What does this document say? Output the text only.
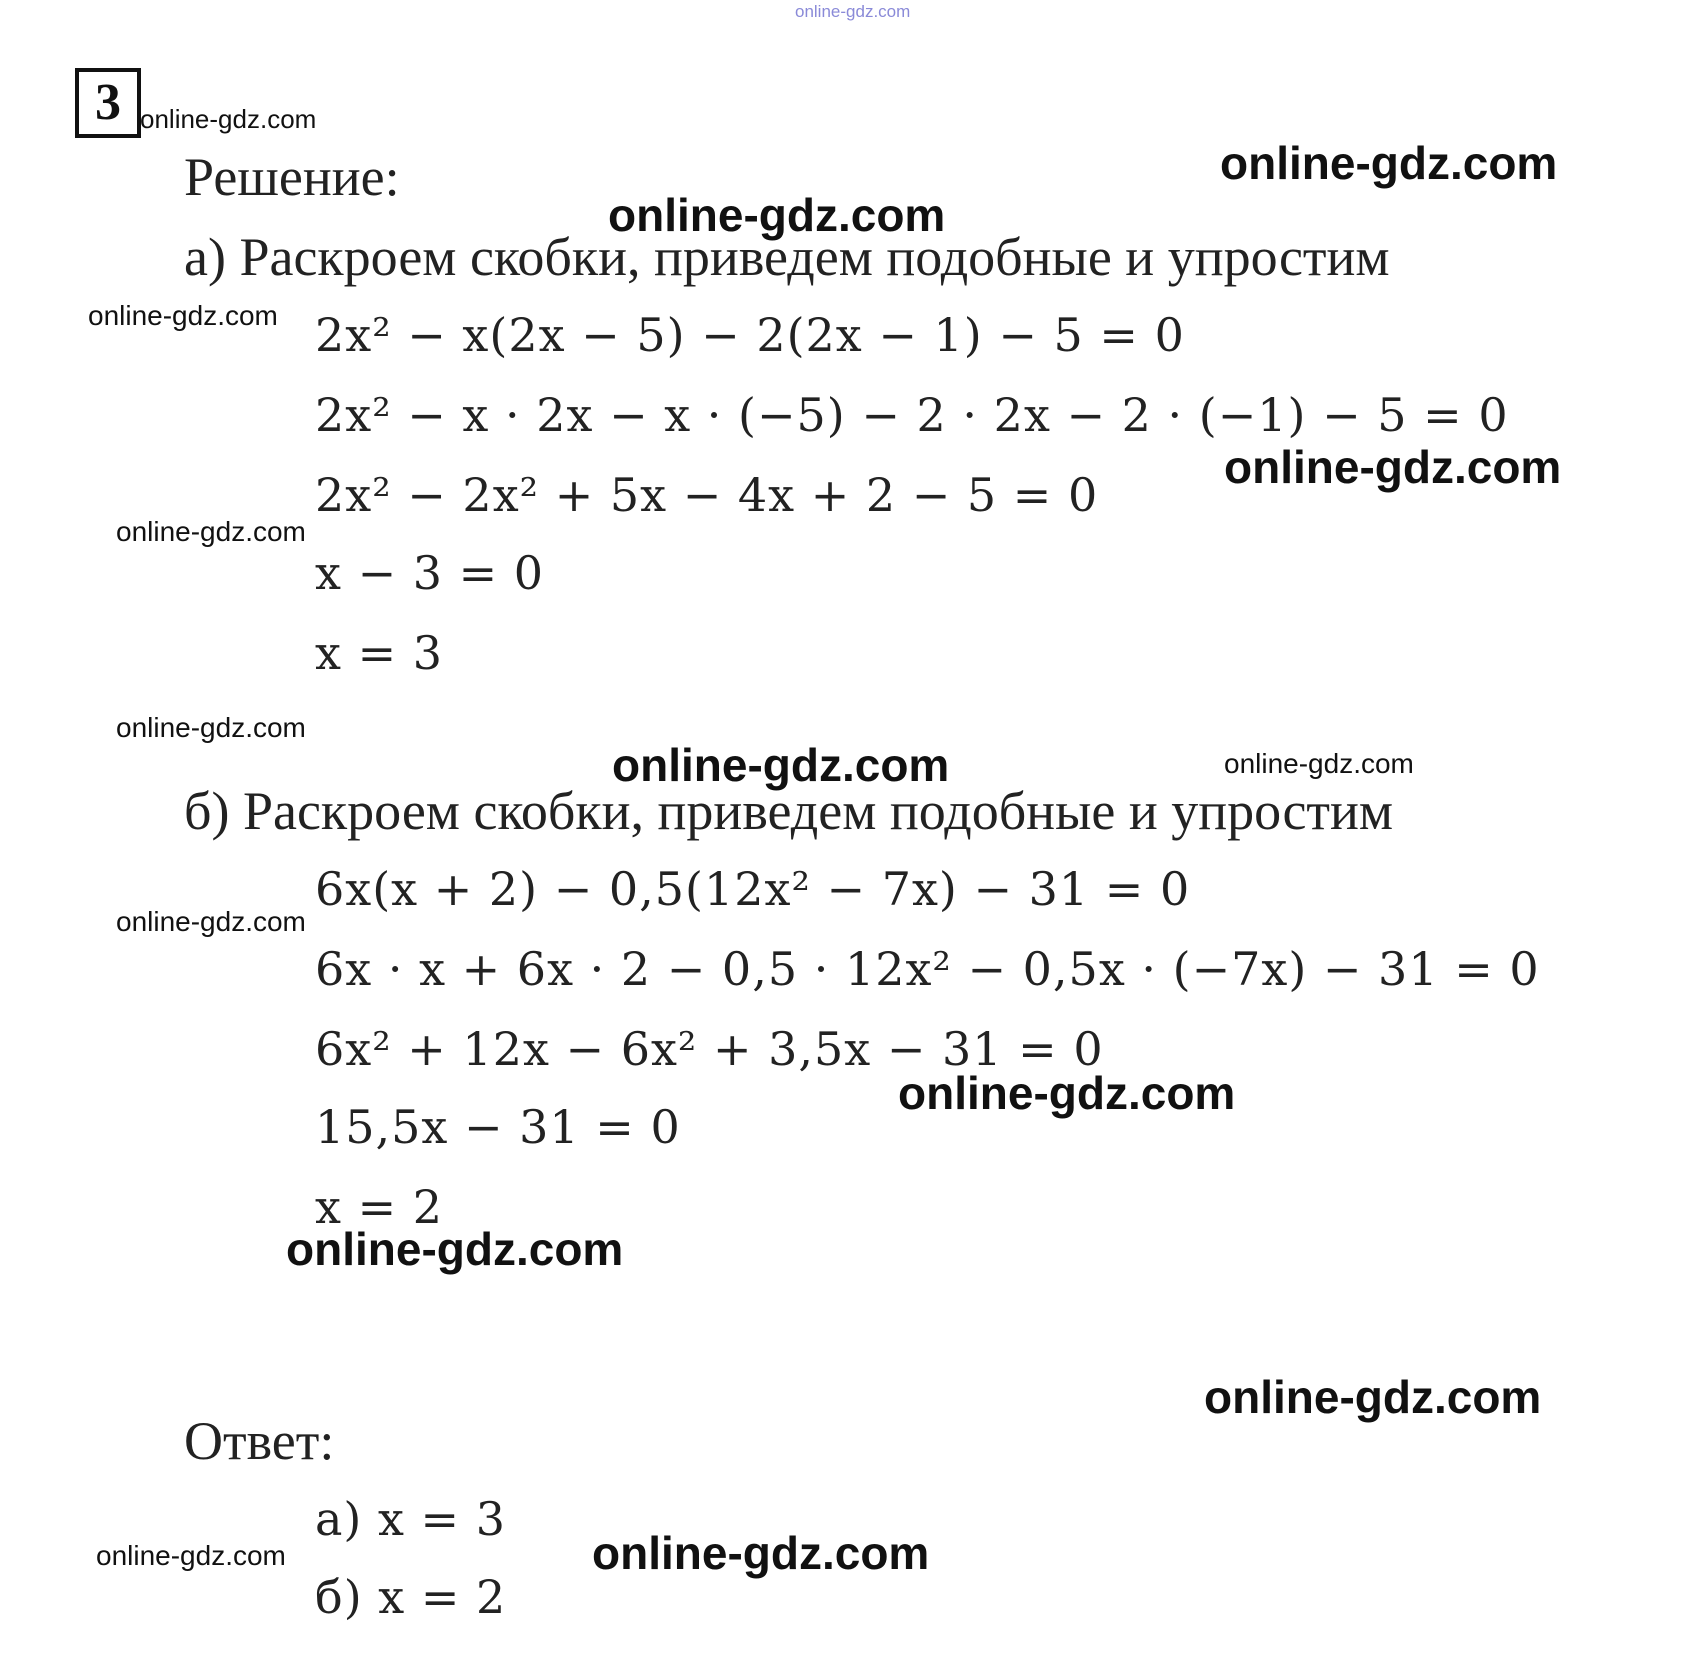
online-gdz.com
3 online-gdz.com
Решение:	online-gdz.com
online-gdz.com
а) Раскроем скобки, приведем подобные и упростим
online-gdz.com 2x² − x(2x − 5) − 2(2x − 1) − 5 = 0
2x² − x · 2x − x · (−5) − 2 · 2x − 2 · (−1) − 5 = 0
online-gdz.com
2x² − 2x² + 5x − 4x + 2 − 5 = 0
online-gdz.com
x − 3 = 0
x = 3
online-gdz.com
online-gdz.com	online-gdz.com
б) Раскроем скобки, приведем подобные и упростим
6x(x + 2) − 0,5(12x² − 7x) − 31 = 0
online-gdz.com
6x · x + 6x · 2 − 0,5 · 12x² − 0,5x · (−7x) − 31 = 0
6x² + 12x − 6x² + 3,5x − 31 = 0
online-gdz.com
15,5x − 31 = 0
x = 2
online-gdz.com
online-gdz.com
Ответ:
а) x = 3
online-gdz.com	online-gdz.com
б) x = 2
